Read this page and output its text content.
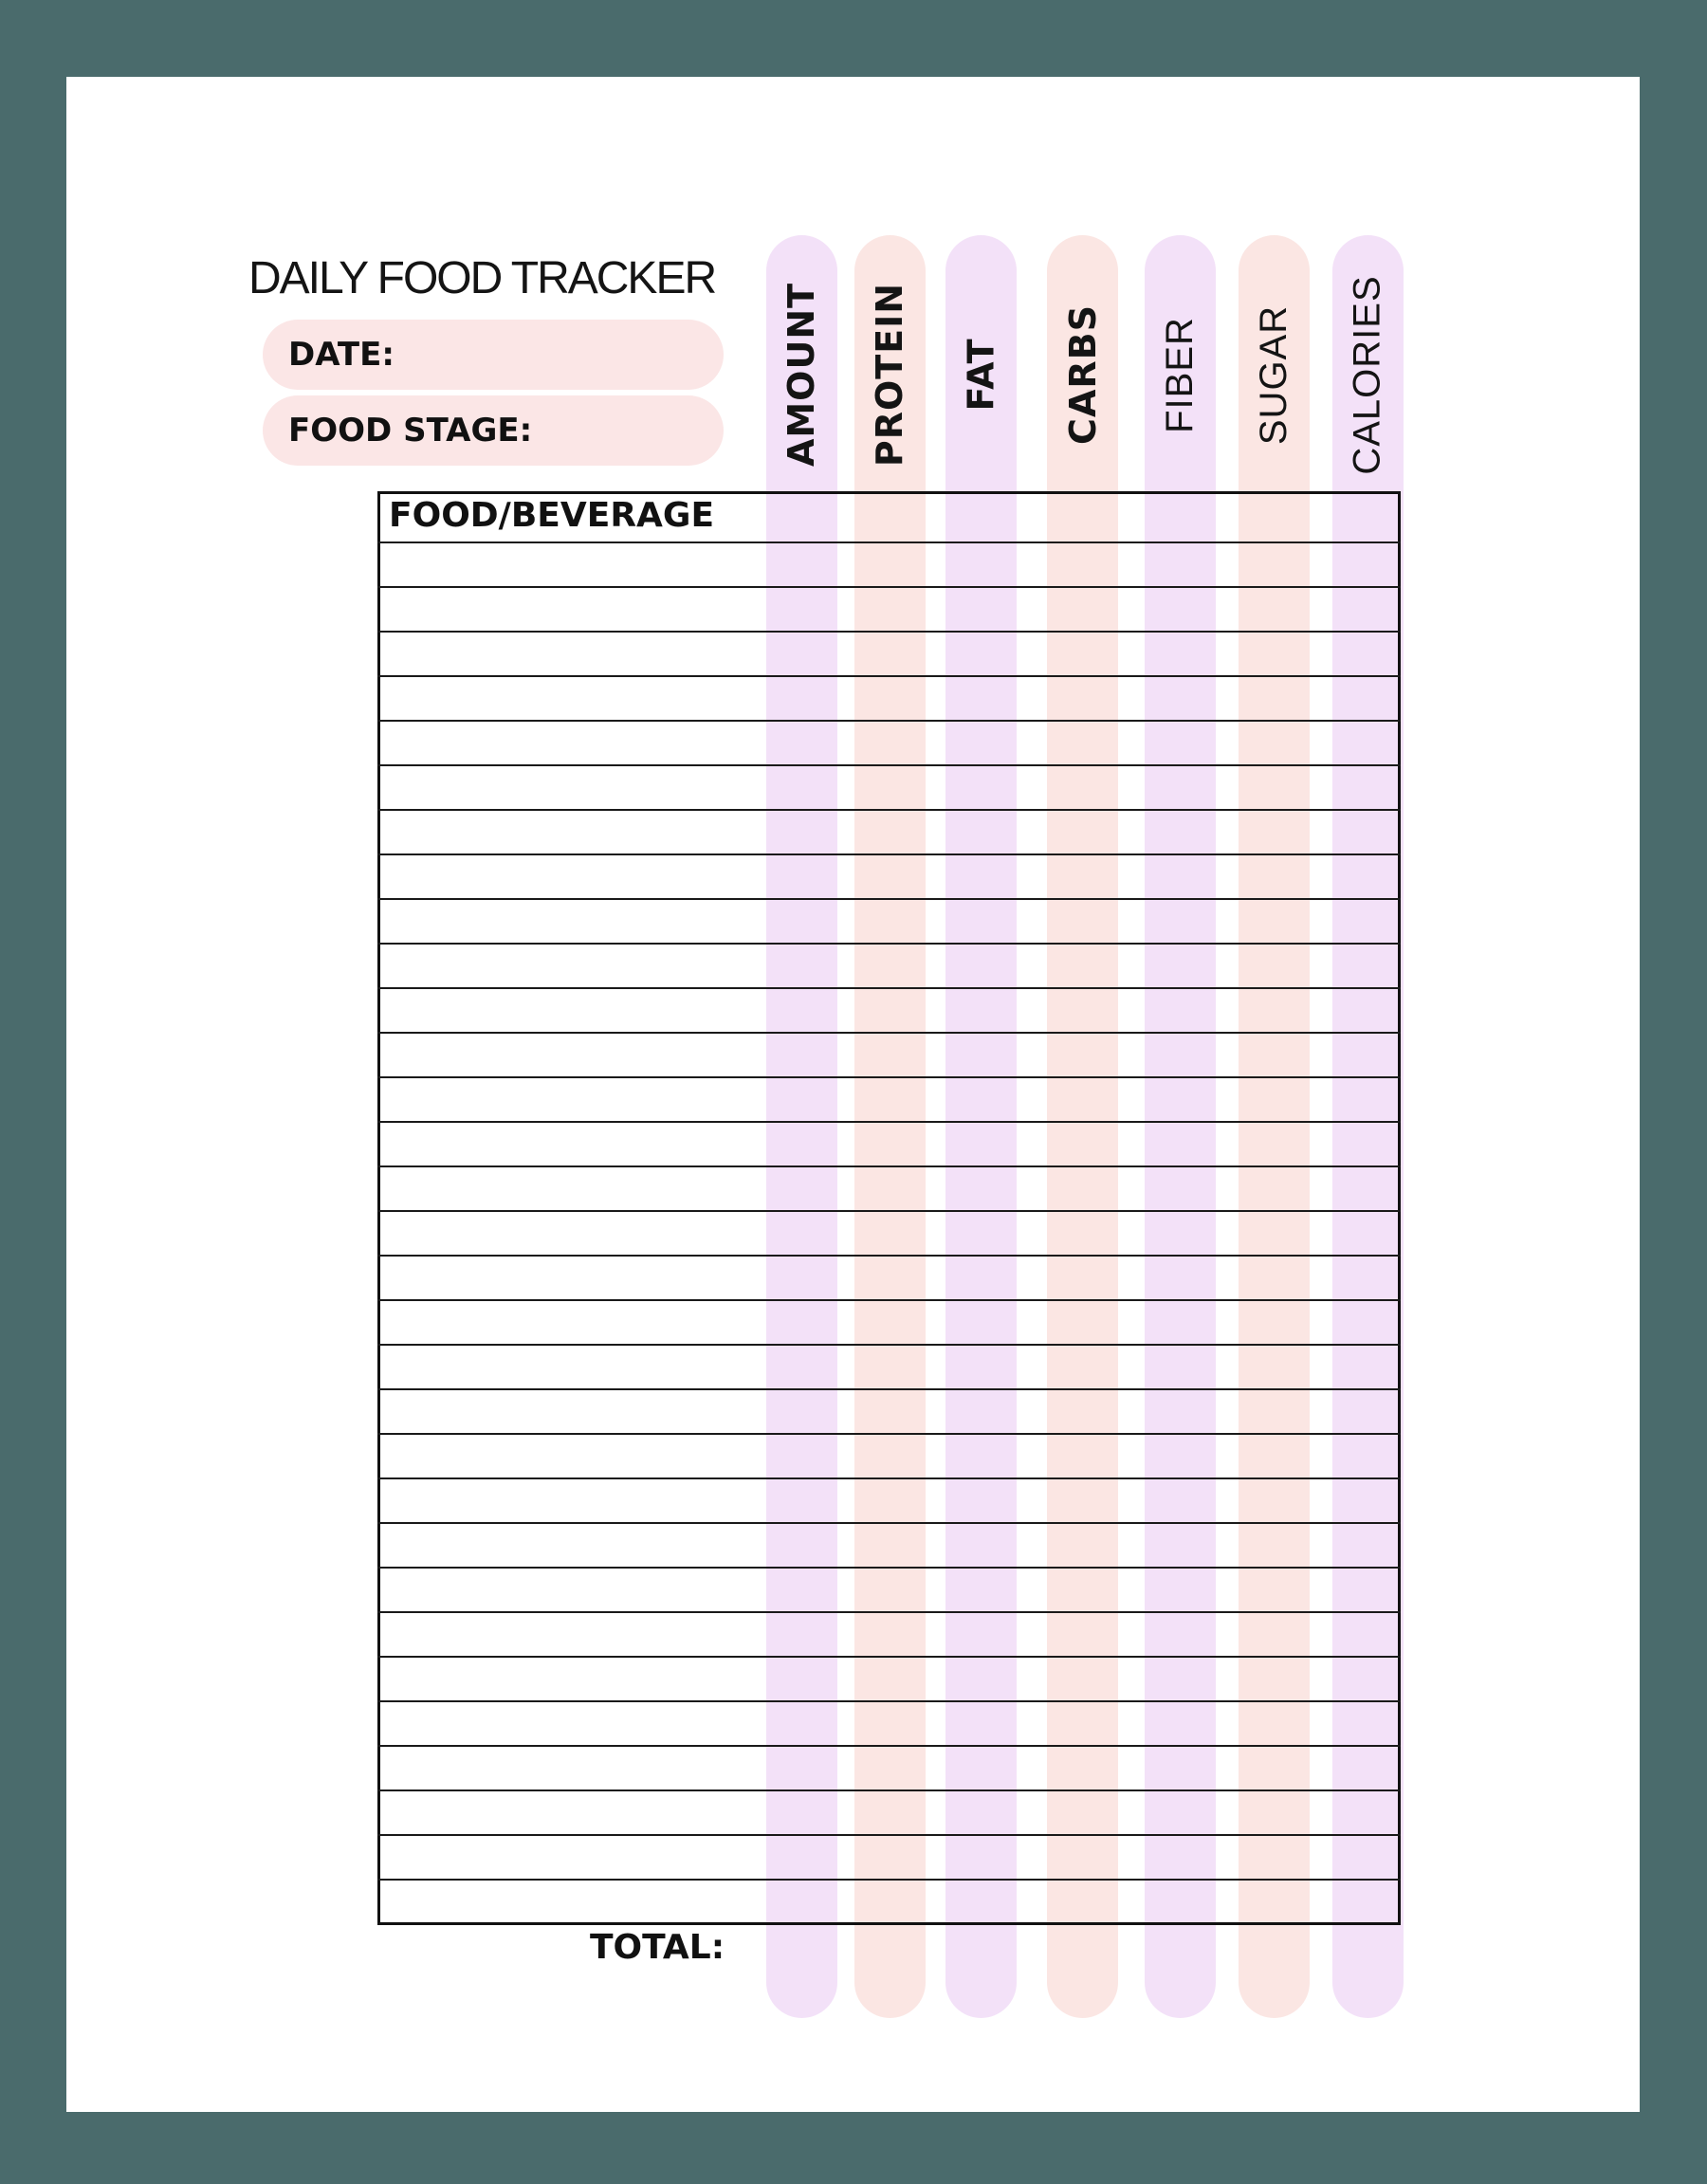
AMOUNT PROTEIN FAT CARBS FIBER SUGAR CALORIES
DAILY FOOD TRACKER
DATE:
FOOD STAGE:
FOOD/BEVERAGE
TOTAL:
